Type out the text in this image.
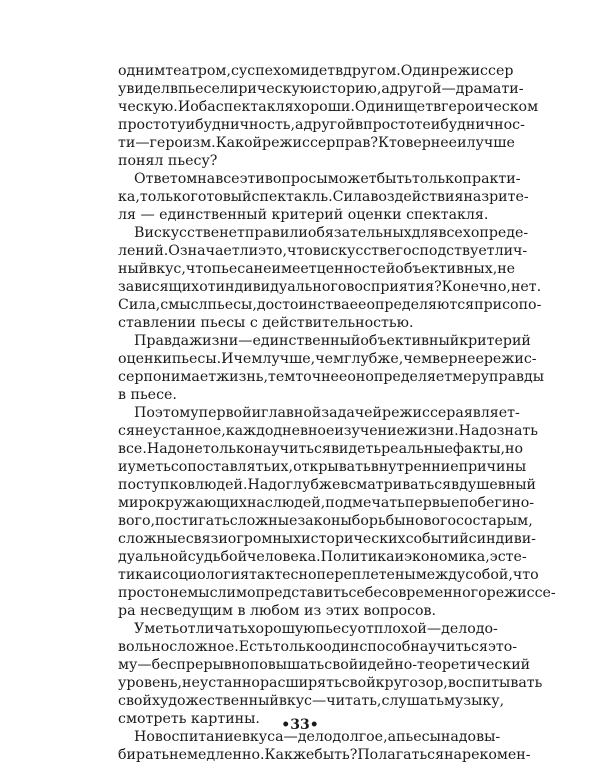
одним театром, с успехом идет в другом. Один режиссер
увидел в пьесе лирическую историю, а другой — драмати-
ческую. И оба спектакля хороши. Один ищет в героическом
простоту и будничность, а другой в простоте и будничнос-
ти — героизм. Какой режиссер прав? Кто вернее и лучше
понял пьесу?
Ответом на все эти вопросы может быть только практи-
ка, только готовый спектакль. Сила воздействия на зрите-
ля — единственный критерий оценки спектакля.
В искусстве нет правил и обязательных для всех опреде-
лений. Означает ли это, что в искусстве господствует лич-
ный вкус, что пьеса не имеет ценностей объективных, не
зависящих от индивидуального восприятия? Конечно, нет.
Сила, смысл пьесы, достоинства ее определяются при сопо-
ставлении пьесы с действительностью.
Правда жизни — единственный объективный критерий
оценки пьесы. И чем лучше, чем глубже, чем вернее режис-
сер понимает жизнь, тем точнее он определяет меру правды
в пьесе.
Поэтому первой и главной задачей режиссера являет-
ся неустанное, каждодневное изучение жизни. Надо знать
все. Надо не только научиться видеть реальные факты, но
и уметь сопоставлять их, открывать внутренние причины
поступков людей. Надо глубже всматриваться в душевный
мир окружающих нас людей, подмечать первые побеги но-
вого, постигать сложные законы борьбы нового со старым,
сложные связи огромных исторических событий с индиви-
дуальной судьбой человека. Политика и экономика, эсте-
тика и социология так тесно переплетены между собой, что
просто немыслимо представить себе современного режиссе-
ра несведущим в любом из этих вопросов.
Уметь отличать хорошую пьесу от плохой — дело до-
вольно сложное. Есть только один способ научиться это-
му — беспрерывно повышать свой идейно-теоретический
уровень, неустанно расширять свой кругозор, воспитывать
свой художественный вкус — читать, слушать музыку,
смотреть картины.
Но воспитание вкуса — дело долгое, а пьесы надо вы-
бирать немедленно. Как же быть? Полагаться на рекомен-
•33•
